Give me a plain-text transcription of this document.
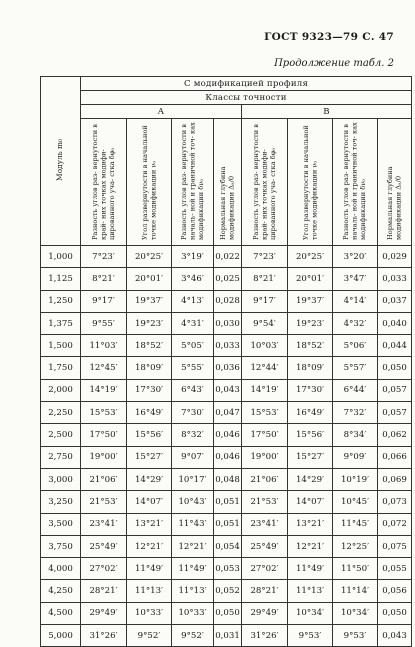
ГОСТ 9323—79 С. 47
Продолжение табл. 2
Модуль m₀	С модификацией профиля							
	Классы точности							
	А				В			
	Разность углов раз- вернутости в край- них точках модифи- цированного уча- стка δφ₀	Угол развернутости в начальной точке модификации ν₀	Разность углов раз- вернутости в началь- ной и граничной точ- ках модификации δν₀	Нормальная глубина модификации Δₐ/0	Разность углов раз- вернутости в край- них точках модифи- цированного уча- стка δφ₀	Угол развернутости в начальной точке модификации ν₀	Разность углов раз- вернутости в началь- ной и граничной точ- ках модификации δν₀	Нормальная глубина модификации Δₐ/0
1,000	7°23′	20°25′	3°19′	0,022	7°23′	20°25′	3°20′	0,029
1,125	8°21′	20°01′	3°46′	0,025	8°21′	20°01′	3°47′	0,033
1,250	9°17′	19°37′	4°13′	0,028	9°17′	19°37′	4°14′	0,037
1,375	9°55′	19°23′	4°31′	0,030	9°54′	19°23′	4°32′	0,040
1,500	11°03′	18°52′	5°05′	0,033	10°03′	18°52′	5°06′	0,044
1,750	12°45′	18°09′	5°55′	0,036	12°44′	18°09′	5°57′	0,050
2,000	14°19′	17°30′	6°43′	0,043	14°19′	17°30′	6°44′	0,057
2,250	15°53′	16°49′	7°30′	0,047	15°53′	16°49′	7°32′	0,057
2,500	17°50′	15°56′	8°32′	0,046	17°50′	15°56′	8°34′	0,062
2,750	19°00′	15°27′	9°07′	0,046	19°00′	15°27′	9°09′	0,066
3,000	21°06′	14°29′	10°17′	0,048	21°06′	14°29′	10°19′	0,069
3,250	21°53′	14°07′	10°43′	0,051	21°53′	14°07′	10°45′	0,073
3,500	23°41′	13°21′	11°43′	0,051	23°41′	13°21′	11°45′	0,072
3,750	25°49′	12°21′	12°21′	0,054	25°49′	12°21′	12°25′	0,075
4,000	27°02′	11°49′	11°49′	0,053	27°02′	11°49′	11°50′	0,055
4,250	28°21′	11°13′	11°13′	0,052	28°21′	11°13′	11°14′	0,056
4,500	29°49′	10°33′	10°33′	0,050	29°49′	10°34′	10°34′	0,050
5,000	31°26′	9°52′	9°52′	0,031	31°26′	9°53′	9°53′	0,043
